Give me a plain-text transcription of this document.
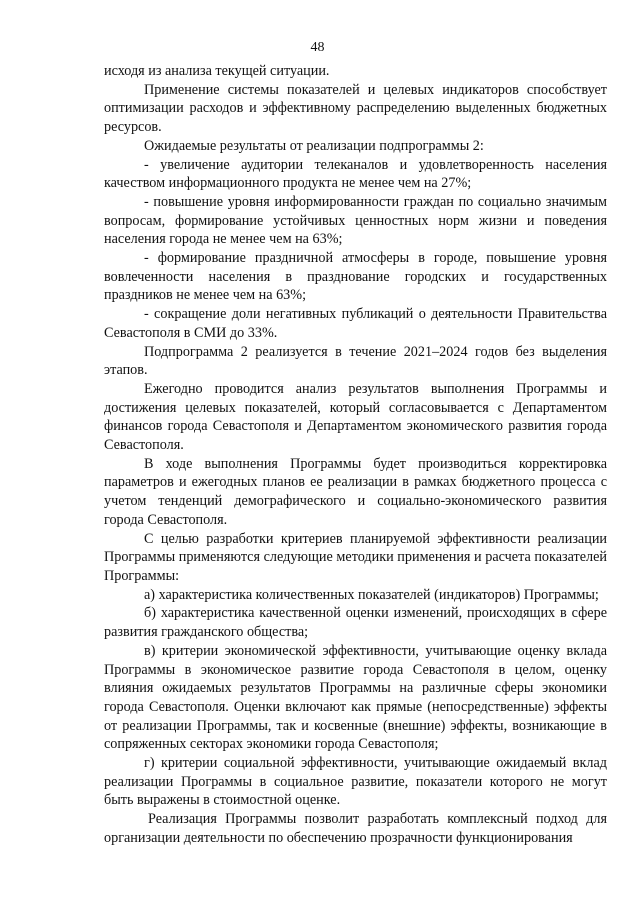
48

исходя из анализа текущей ситуации.

Применение системы показателей и целевых индикаторов способствует оптимизации расходов и эффективному распределению выделенных бюджетных ресурсов.

Ожидаемые результаты от реализации подпрограммы 2:

- увеличение аудитории телеканалов и удовлетворенность населения качеством информационного продукта не менее чем на 27%;

- повышение уровня информированности граждан по социально значимым вопросам, формирование устойчивых ценностных норм жизни и поведения населения города не менее чем на 63%;

- формирование праздничной атмосферы в городе, повышение уровня вовлеченности населения в празднование городских и государственных праздников не менее чем на 63%;

- сокращение доли негативных публикаций о деятельности Правительства Севастополя в СМИ до 33%.

Подпрограмма 2 реализуется в течение 2021–2024 годов без выделения этапов.

Ежегодно проводится анализ результатов выполнения Программы и достижения целевых показателей, который согласовывается с Департаментом финансов города Севастополя и Департаментом экономического развития города Севастополя.

В ходе выполнения Программы будет производиться корректировка параметров и ежегодных планов ее реализации в рамках бюджетного процесса с учетом тенденций демографического и социально-экономического развития города Севастополя.

С целью разработки критериев планируемой эффективности реализации Программы применяются следующие методики применения и расчета показателей Программы:

а) характеристика количественных показателей (индикаторов) Программы;

б) характеристика качественной оценки изменений, происходящих в сфере развития гражданского общества;

в) критерии экономической эффективности, учитывающие оценку вклада Программы в экономическое развитие города Севастополя в целом, оценку влияния ожидаемых результатов Программы на различные сферы экономики города Севастополя. Оценки включают как прямые (непосредственные) эффекты от реализации Программы, так и косвенные (внешние) эффекты, возникающие в сопряженных секторах экономики города Севастополя;

г) критерии социальной эффективности, учитывающие ожидаемый вклад реализации Программы в социальное развитие, показатели которого не могут быть выражены в стоимостной оценке.

Реализация Программы позволит разработать комплексный подход для организации деятельности по обеспечению прозрачности функционирования
